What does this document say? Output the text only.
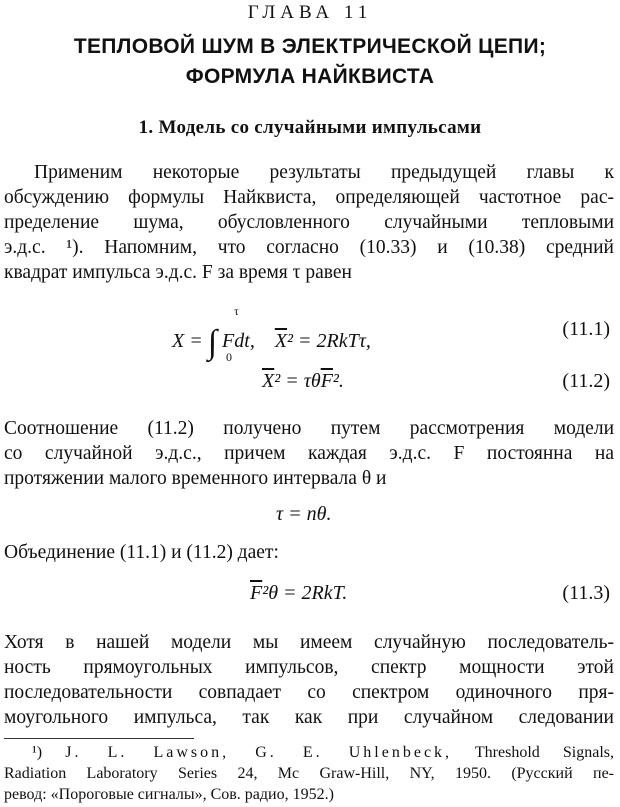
ГЛАВА 11
ТЕПЛОВОЙ ШУМ В ЭЛЕКТРИЧЕСКОЙ ЦЕПИ;
ФОРМУЛА НАЙКВИСТА
1. Модель со случайными импульсами
Применим некоторые результаты предыдущей главы к
обсуждению формулы Найквиста, определяющей частотное рас-
пределение шума, обусловленного случайными тепловыми
э.д.с. ¹). Напомним, что согласно (10.33) и (10.38) средний
квадрат импульса э.д.с. F за время τ равен
X = ∫ Fdt, $\overline{X}^2 = 2RkT\tau$,
τ
0
(11.1)
$\overline{X}^2 = \tau\theta\overline{F}^2$.	(11.2)
Соотношение (11.2) получено путем рассмотрения модели
со случайной э.д.с., причем каждая э.д.с. F постоянна на
протяжении малого временного интервала θ и
τ = nθ.
Объединение (11.1) и (11.2) дает:
$\overline{F}^2\theta = 2RkT$.	(11.3)
Хотя в нашей модели мы имеем случайную последователь-
ность прямоугольных импульсов, спектр мощности этой
последовательности совпадает со спектром одиночного пря-
моугольного импульса, так как при случайном следовании
¹) J. L. Lawson, G. E. Uhlenbeck, Threshold Signals,
Radiation Laboratory Series 24, Mc Graw-Hill, NY, 1950. (Русский пе-
ревод: «Пороговые сигналы», Сов. радио, 1952.)
